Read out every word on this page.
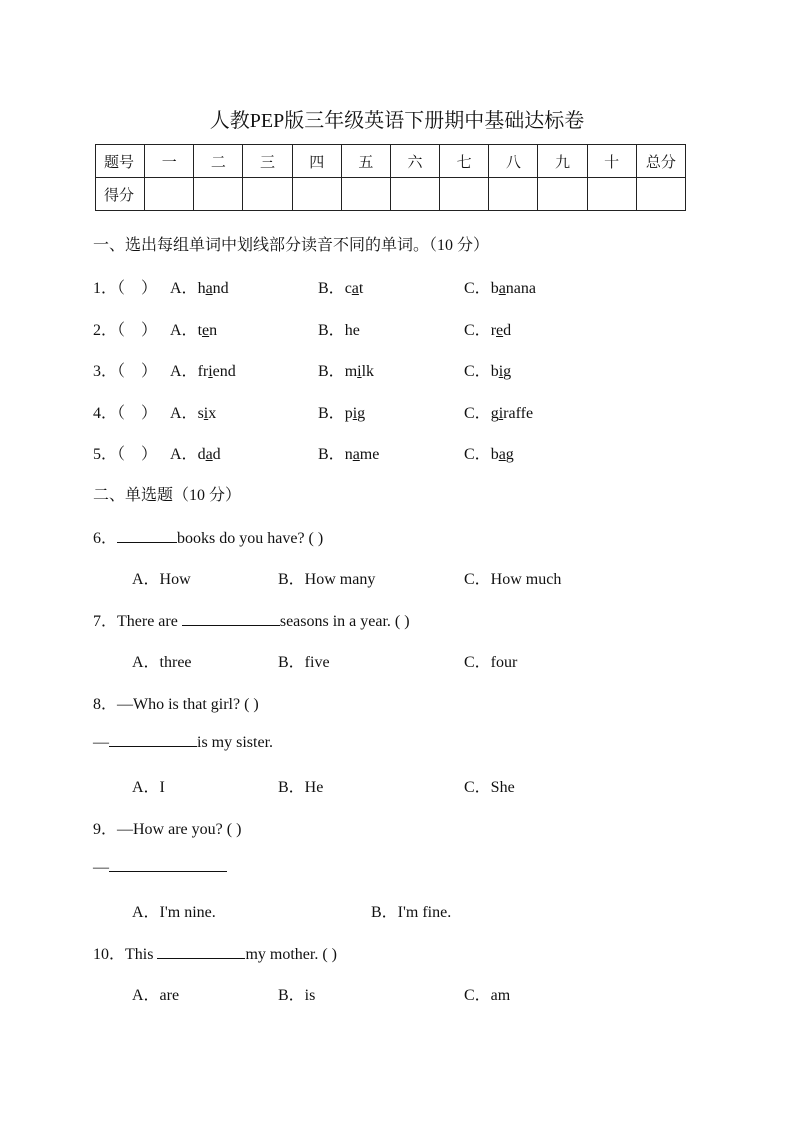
人教PEP版三年级英语下册期中基础达标卷
题号	一	二	三	四	五	六	七	八	九	十	总分
得分											
一、选出每组单词中划线部分读音不同的单词。（10 分）
1．（　） A．hand	B．cat	C．banana
2．（　） A．ten	B．he	C．red
3．（　） A．friend	B．milk	C．big
4．（　） A．six	B．pig	C．giraffe
5．（　） A．dad	B．name	C．bag
二、单选题（10 分）
6．	books do you have? ( )
A．How	B．How many	C．How much
7．There are	seasons in a year. ( )
A．three	B．five	C．four
8．—Who is that girl? ( )
—	is my sister.
A．I	B．He	C．She
9．—How are you? ( )
—
A．I'm nine.	B．I'm fine.
10．This	my mother. ( )
A．are	B．is	C．am
